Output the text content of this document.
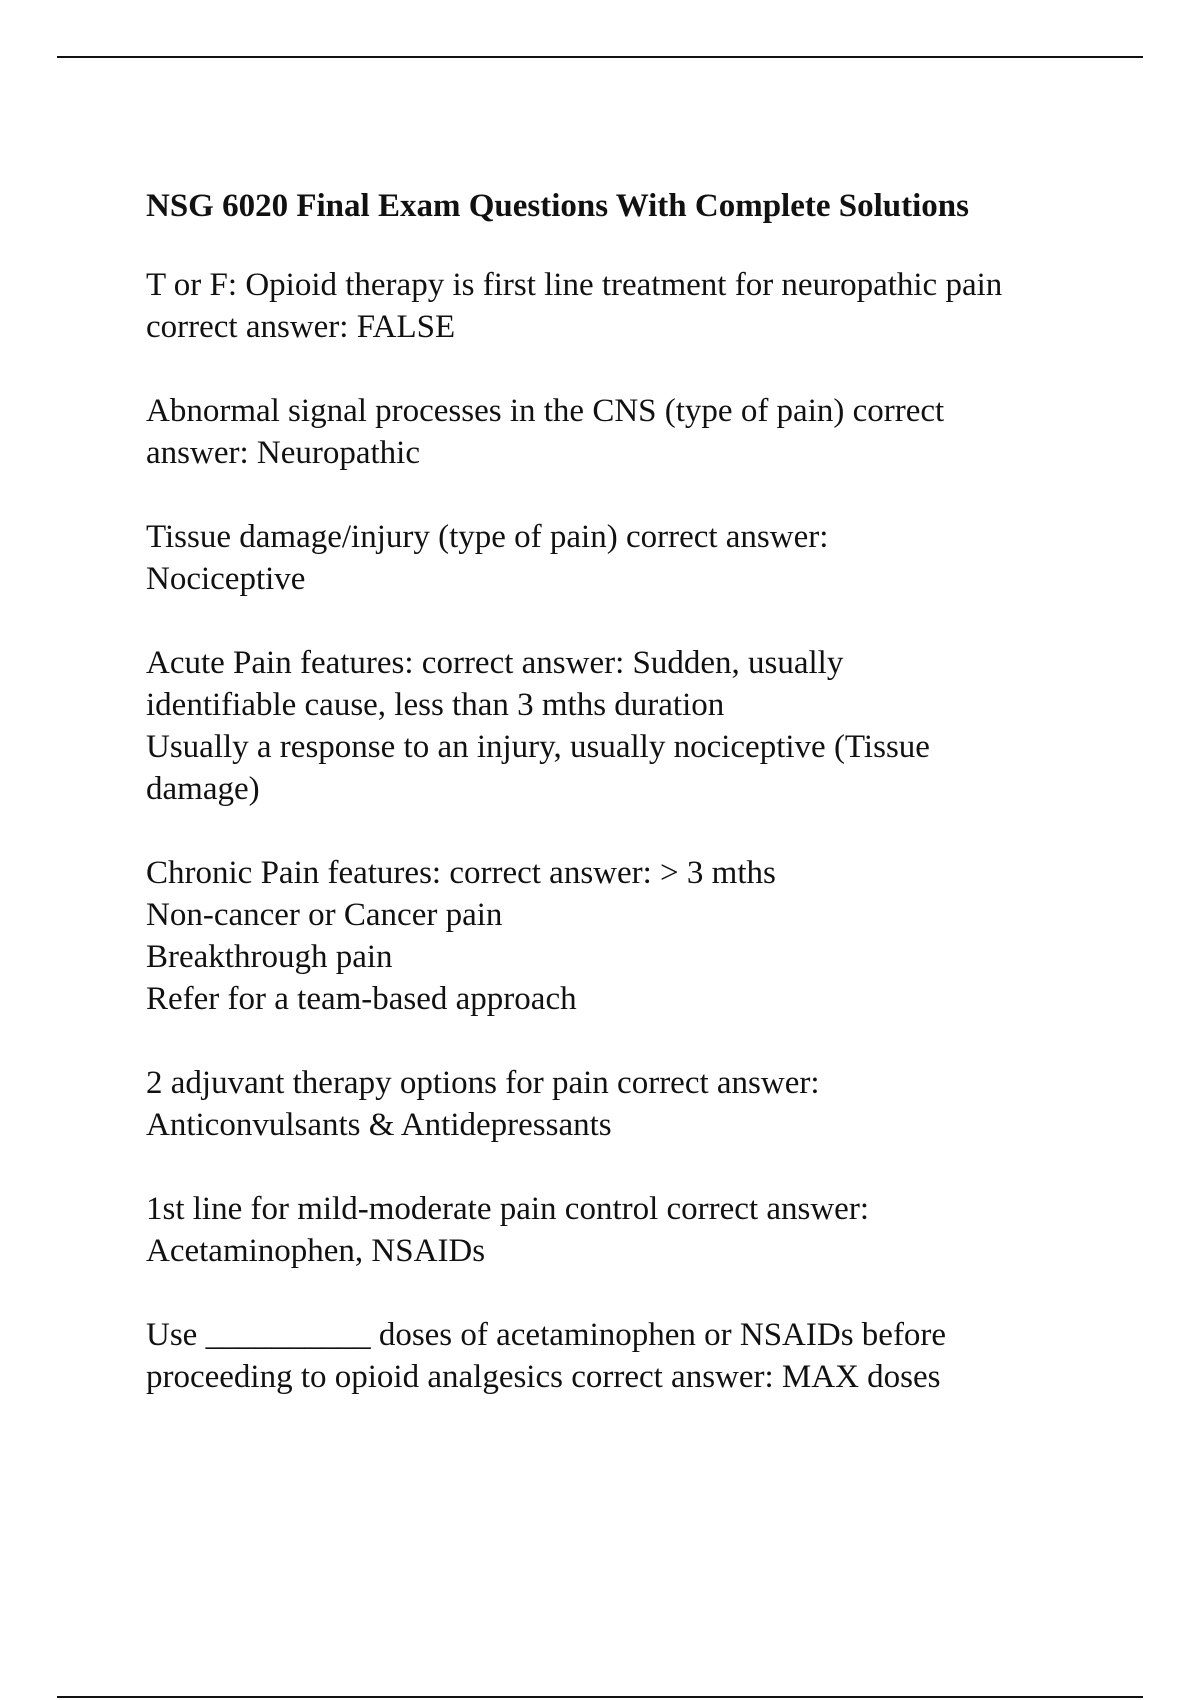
NSG 6020 Final Exam Questions With Complete Solutions
T or F: Opioid therapy is first line treatment for neuropathic pain
correct answer: FALSE
Abnormal signal processes in the CNS (type of pain) correct
answer: Neuropathic
Tissue damage/injury (type of pain) correct answer:
Nociceptive
Acute Pain features: correct answer: Sudden, usually
identifiable cause, less than 3 mths duration
Usually a response to an injury, usually nociceptive (Tissue
damage)
Chronic Pain features: correct answer: > 3 mths
Non-cancer or Cancer pain
Breakthrough pain
Refer for a team-based approach
2 adjuvant therapy options for pain correct answer:
Anticonvulsants & Antidepressants
1st line for mild-moderate pain control correct answer:
Acetaminophen, NSAIDs
Use __________ doses of acetaminophen or NSAIDs before
proceeding to opioid analgesics correct answer: MAX doses
